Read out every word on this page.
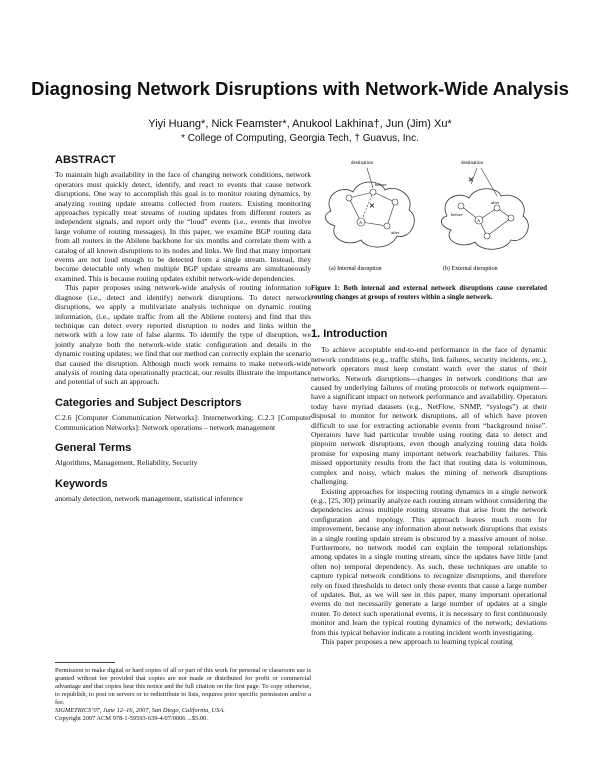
Diagnosing Network Disruptions with Network-Wide Analysis
Yiyi Huang*, Nick Feamster*, Anukool Lakhina†, Jun (Jim) Xu*
* College of Computing, Georgia Tech, † Guavus, Inc.
ABSTRACT

To maintain high availability in the face of changing network conditions, network operators must quickly detect, identify, and react to events that cause network disruptions. One way to accomplish this goal is to monitor routing dynamics, by analyzing routing update streams collected from routers. Existing monitoring approaches typically treat streams of routing updates from different routers as independent signals, and report only the “loud” events (i.e., events that involve large volume of routing messages). In this paper, we examine BGP routing data from all routers in the Abilene backbone for six months and correlate them with a catalog of all known disruptions to its nodes and links. We find that many important events are not loud enough to be detected from a single stream. Instead, they become detectable only when multiple BGP update streams are simultaneously examined. This is because routing updates exhibit network-wide dependencies.

This paper proposes using network-wide analysis of routing information to diagnose (i.e., detect and identify) network disruptions. To detect network disruptions, we apply a multivariate analysis technique on dynamic routing information, (i.e., update traffic from all the Abilene routers) and find that this technique can detect every reported disruption to nodes and links within the network with a low rate of false alarms. To identify the type of disruption, we jointly analyze both the network-wide static configuration and details in the dynamic routing updates; we find that our method can correctly explain the scenario that caused the disruption. Although much work remains to make network-wide analysis of routing data operationally practical, our results illustrate the importance and potential of such an approach.

Categories and Subject Descriptors

C.2.6 [Computer Communication Networks]: Internetworking; C.2.3 [Computer Communication Networks]: Network operations – network management

General Terms

Algorithms, Management, Reliability, Security

Keywords

anomaly detection, network management, statistical inference

Permission to make digital or hard copies of all or part of this work for personal or classroom use is granted without fee provided that copies are not made or distributed for profit or commercial advantage and that copies bear this notice and the full citation on the first page. To copy otherwise, to republish, to post on servers or to redistribute to lists, requires prior specific permission and/or a fee.

SIGMETRICS’07, June 12–16, 2007, San Diego, California, USA.

Copyright 2007 ACM 978-1-59593-639-4/07/0006 ...$5.00.

destination
✕
A
before
after
(a) Internal disruption
destination
✕
A
before
after
(b) External disruption
Figure 1: Both internal and external network disruptions cause correlated routing changes at groups of routers within a single network.
1. Introduction

To achieve acceptable end-to-end performance in the face of dynamic network conditions (e.g., traffic shifts, link failures, security incidents, etc.), network operators must keep constant watch over the status of their networks. Network disruptions—changes in network conditions that are caused by underlying failures of routing protocols or network equipment—have a significant impact on network performance and availability. Operators today have myriad datasets (e.g., NetFlow, SNMP, “syslogs”) at their disposal to monitor for network disruptions, all of which have proven difficult to use for extracting actionable events from “background noise”. Operators have had particular trouble using routing data to detect and pinpoint network disruptions, even though analyzing routing data holds promise for exposing many important network reachability failures. This missed opportunity results from the fact that routing data is voluminous, complex and noisy, which makes the mining of network disruptions challenging.

Existing approaches for inspecting routing dynamics in a single network (e.g., [25, 30]) primarily analyze each routing stream without considering the dependencies across multiple routing streams that arise from the network configuration and topology. This approach leaves much room for improvement, because any information about network disruptions that exists in a single routing update stream is obscured by a massive amount of noise. Furthermore, no network model can explain the temporal relationships among updates in a single routing stream, since the updates have little (and often no) temporal dependency. As such, these techniques are unable to capture typical network conditions to recognize disruptions, and therefore rely on fixed thresholds to detect only those events that cause a large number of updates. But, as we will see in this paper, many important operational events do not necessarily generate a large number of updates at a single router. To detect such operational events, it is necessary to first continuously monitor and learn the typical routing dynamics of the network; deviations from this typical behavior indicate a routing incident worth investigating.

This paper proposes a new approach to learning typical routing
